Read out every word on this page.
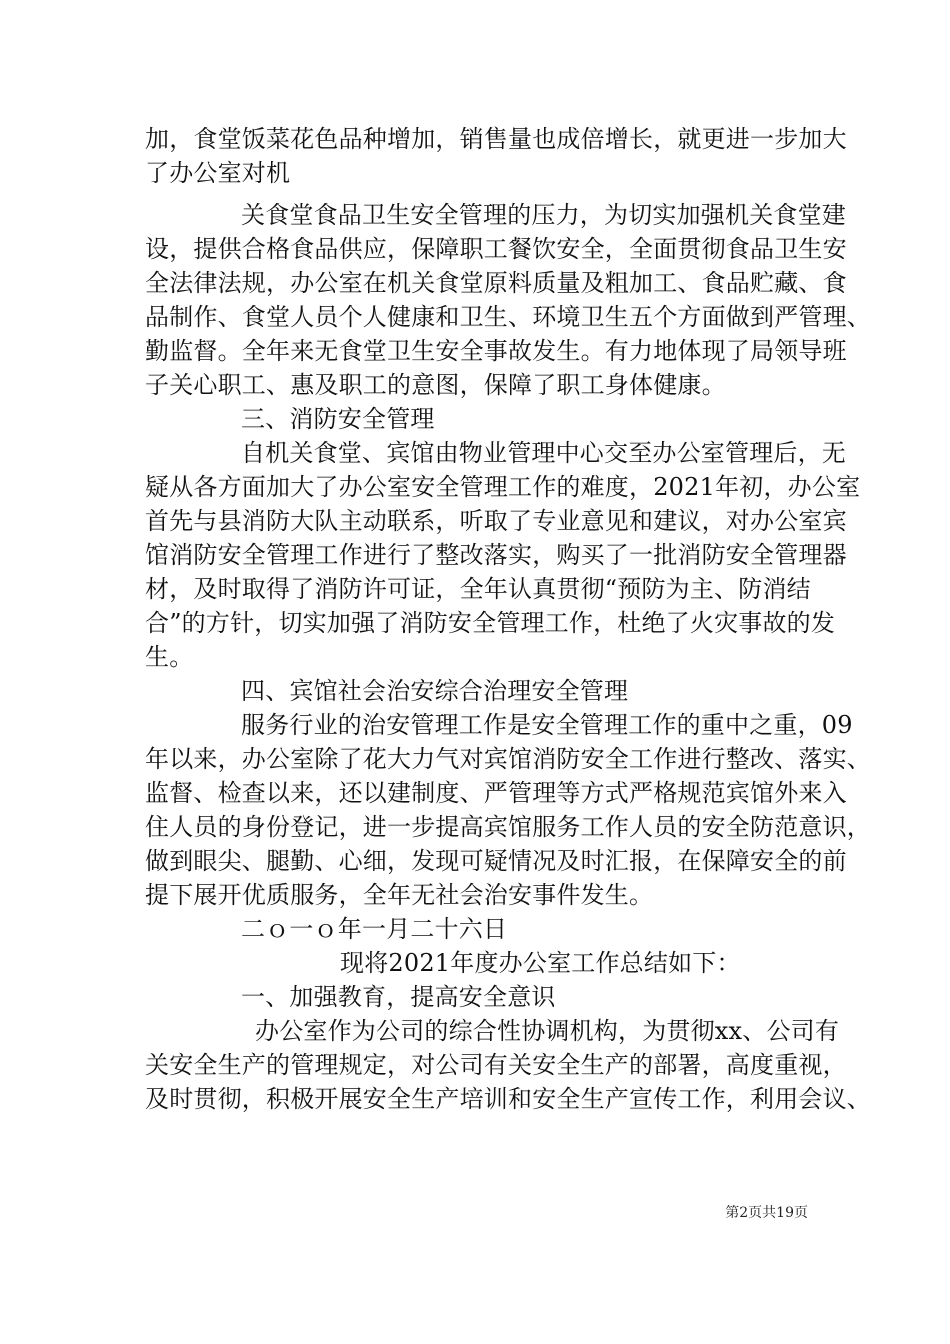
加，食堂饭菜花色品种增加，销售量也成倍增长，就更进一步加大

了办公室对机

关食堂食品卫生安全管理的压力，为切实加强机关食堂建

设，提供合格食品供应，保障职工餐饮安全，全面贯彻食品卫生安

全法律法规，办公室在机关食堂原料质量及粗加工、食品贮藏、食

品制作、食堂人员个人健康和卫生、环境卫生五个方面做到严管理、

勤监督。全年来无食堂卫生安全事故发生。有力地体现了局领导班

子关心职工、惠及职工的意图，保障了职工身体健康。

三、消防安全管理

自机关食堂、宾馆由物业管理中心交至办公室管理后，无

疑从各方面加大了办公室安全管理工作的难度，2021年初，办公室

首先与县消防大队主动联系，听取了专业意见和建议，对办公室宾

馆消防安全管理工作进行了整改落实，购买了一批消防安全管理器

材，及时取得了消防许可证，全年认真贯彻“预防为主、防消结

合”的方针，切实加强了消防安全管理工作，杜绝了火灾事故的发

生。

四、宾馆社会治安综合治理安全管理

服务行业的治安管理工作是安全管理工作的重中之重，09

年以来，办公室除了花大力气对宾馆消防安全工作进行整改、落实、

监督、检查以来，还以建制度、严管理等方式严格规范宾馆外来入

住人员的身份登记，进一步提高宾馆服务工作人员的安全防范意识，

做到眼尖、腿勤、心细，发现可疑情况及时汇报，在保障安全的前

提下展开优质服务，全年无社会治安事件发生。

二ｏ一ｏ年一月二十六日

现将2021年度办公室工作总结如下：

一、加强教育，提高安全意识

办公室作为公司的综合性协调机构，为贯彻xx、公司有

关安全生产的管理规定，对公司有关安全生产的部署，高度重视，

及时贯彻，积极开展安全生产培训和安全生产宣传工作，利用会议、

第2页共19页
